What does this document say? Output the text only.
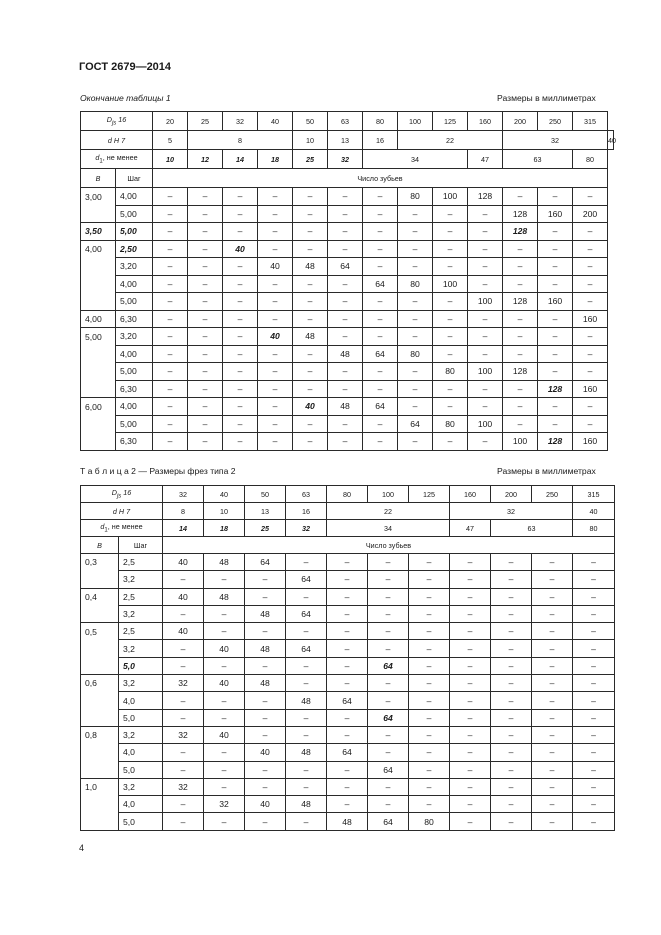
ГОСТ 2679—2014
Окончание таблицы 1	Размеры в миллиметрах
$D_{js}$ 16		20	25	32	40	50	63	80	100	125	160	200	250	315	
d H 7		5	8			10	13	16	22			32			40
$d_1$, не менее		10	12	14	18	25	32	34			47	63		80	
B	Шаг	Число зубьев													
3,00	4,00	–	–	–	–	–	–	–	80	100	128	–	–	–	
	5,00	–	–	–	–	–	–	–	–	–	–	128	160	200	
3,50	5,00	–	–	–	–	–	–	–	–	–	–	128	–	–	
4,00	2,50	–	–	40	–	–	–	–	–	–	–	–	–	–	
	3,20	–	–	–	40	48	64	–	–	–	–	–	–	–	
	4,00	–	–	–	–	–	–	64	80	100	–	–	–	–	
	5,00	–	–	–	–	–	–	–	–	–	100	128	160	–	
4,00	6,30	–	–	–	–	–	–	–	–	–	–	–	–	160	
5,00	3,20	–	–	–	40	48	–	–	–	–	–	–	–	–	
	4,00	–	–	–	–	–	48	64	80	–	–	–	–	–	
	5,00	–	–	–	–	–	–	–	–	80	100	128	–	–	
	6,30	–	–	–	–	–	–	–	–	–	–	–	128	160	
6,00	4,00	–	–	–	–	40	48	64	–	–	–	–	–	–	
	5,00	–	–	–	–	–	–	–	64	80	100	–	–	–	
	6,30	–	–	–	–	–	–	–	–	–	–	100	128	160	
Т а б л и ц а 2 — Размеры фрез типа 2	Размеры в миллиметрах
$D_{js}$ 16		32	40	50	63	80	100	125	160	200	250	315
d H 7		8	10	13	16	22			32			40
$d_1$, не менее		14	18	25	32	34			47	63		80
B	Шаг	Число зубьев										
0,3	2,5	40	48	64	–	–	–	–	–	–	–	–
	3,2	–	–	–	64	–	–	–	–	–	–	–
0,4	2,5	40	48	–	–	–	–	–	–	–	–	–
	3,2	–	–	48	64	–	–	–	–	–	–	–
0,5	2,5	40	–	–	–	–	–	–	–	–	–	–
	3,2	–	40	48	64	–	–	–	–	–	–	–
	5,0	–	–	–	–	–	64	–	–	–	–	–
0,6	3,2	32	40	48	–	–	–	–	–	–	–	–
	4,0	–	–	–	48	64	–	–	–	–	–	–
	5,0	–	–	–	–	–	64	–	–	–	–	–
0,8	3,2	32	40	–	–	–	–	–	–	–	–	–
	4,0	–	–	40	48	64	–	–	–	–	–	–
	5,0	–	–	–	–	–	64	–	–	–	–	–
1,0	3,2	32	–	–	–	–	–	–	–	–	–	–
	4,0	–	32	40	48	–	–	–	–	–	–	–
	5,0	–	–	–	–	48	64	80	–	–	–	–
4
